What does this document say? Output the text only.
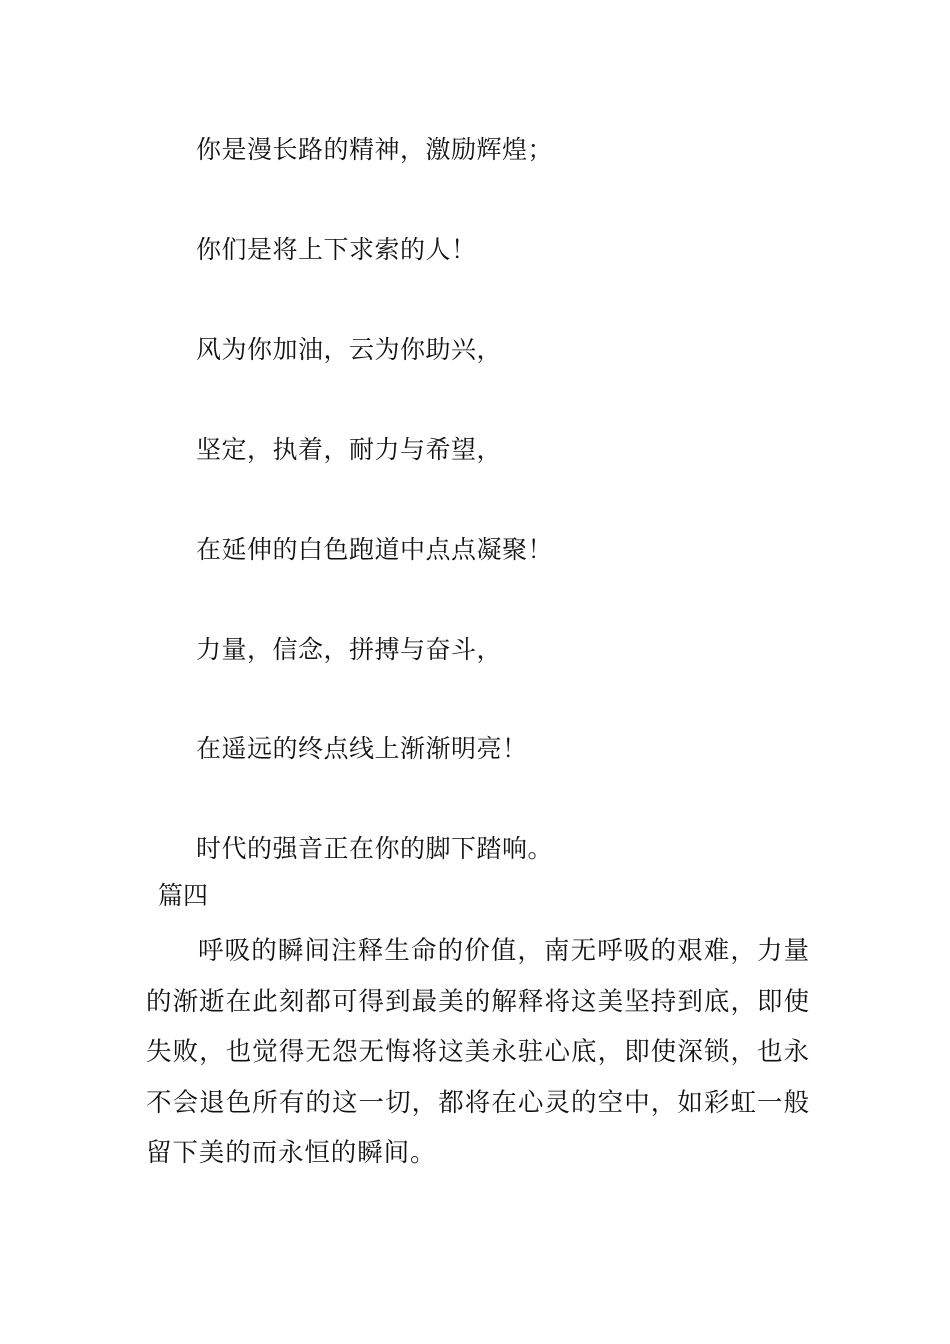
你是漫长路的精神，激励辉煌；
你们是将上下求索的人！
风为你加油，云为你助兴，
坚定，执着，耐力与希望，
在延伸的白色跑道中点点凝聚！
力量，信念，拼搏与奋斗，
在遥远的终点线上渐渐明亮！
时代的强音正在你的脚下踏响。
篇四

呼吸的瞬间注释生命的价值，南无呼吸的艰难，力量的渐逝在此刻都可得到最美的解释将这美坚持到底，即使失败，也觉得无怨无悔将这美永驻心底，即使深锁，也永不会退色所有的这一切，都将在心灵的空中，如彩虹一般留下美的而永恒的瞬间。
